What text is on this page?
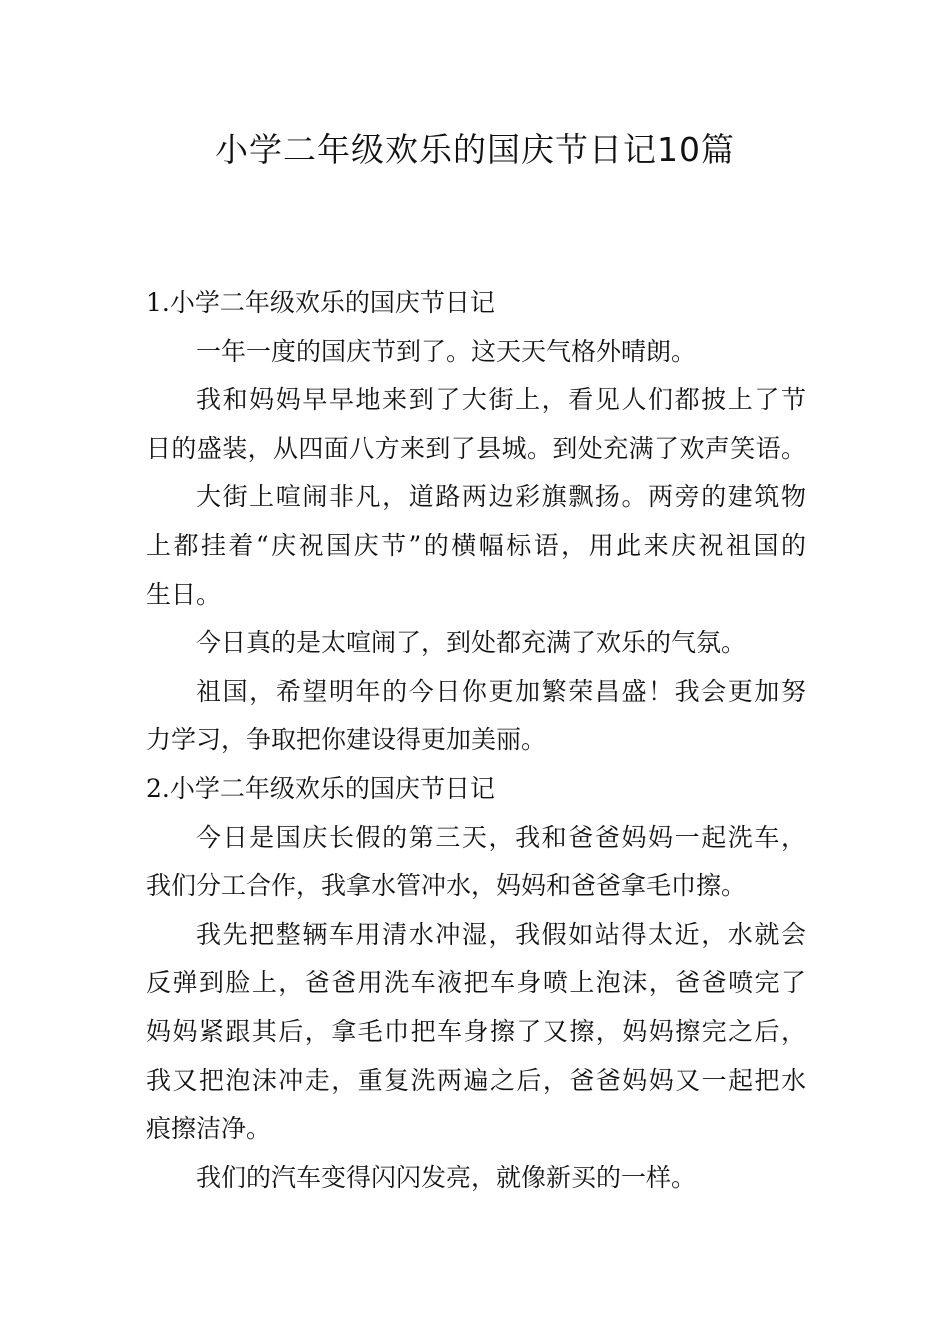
小学二年级欢乐的国庆节日记10篇
1.小学二年级欢乐的国庆节日记
一年一度的国庆节到了。这天天气格外晴朗。
我和妈妈早早地来到了大街上，看见人们都披上了节
日的盛装，从四面八方来到了县城。到处充满了欢声笑语。
大街上喧闹非凡，道路两边彩旗飘扬。两旁的建筑物
上都挂着“庆祝国庆节”的横幅标语，用此来庆祝祖国的
生日。
今日真的是太喧闹了，到处都充满了欢乐的气氛。
祖国，希望明年的今日你更加繁荣昌盛！我会更加努
力学习，争取把你建设得更加美丽。
2.小学二年级欢乐的国庆节日记
今日是国庆长假的第三天，我和爸爸妈妈一起洗车，
我们分工合作，我拿水管冲水，妈妈和爸爸拿毛巾擦。
我先把整辆车用清水冲湿，我假如站得太近，水就会
反弹到脸上，爸爸用洗车液把车身喷上泡沫，爸爸喷完了
妈妈紧跟其后，拿毛巾把车身擦了又擦，妈妈擦完之后，
我又把泡沫冲走，重复洗两遍之后，爸爸妈妈又一起把水
痕擦洁净。
我们的汽车变得闪闪发亮，就像新买的一样。
